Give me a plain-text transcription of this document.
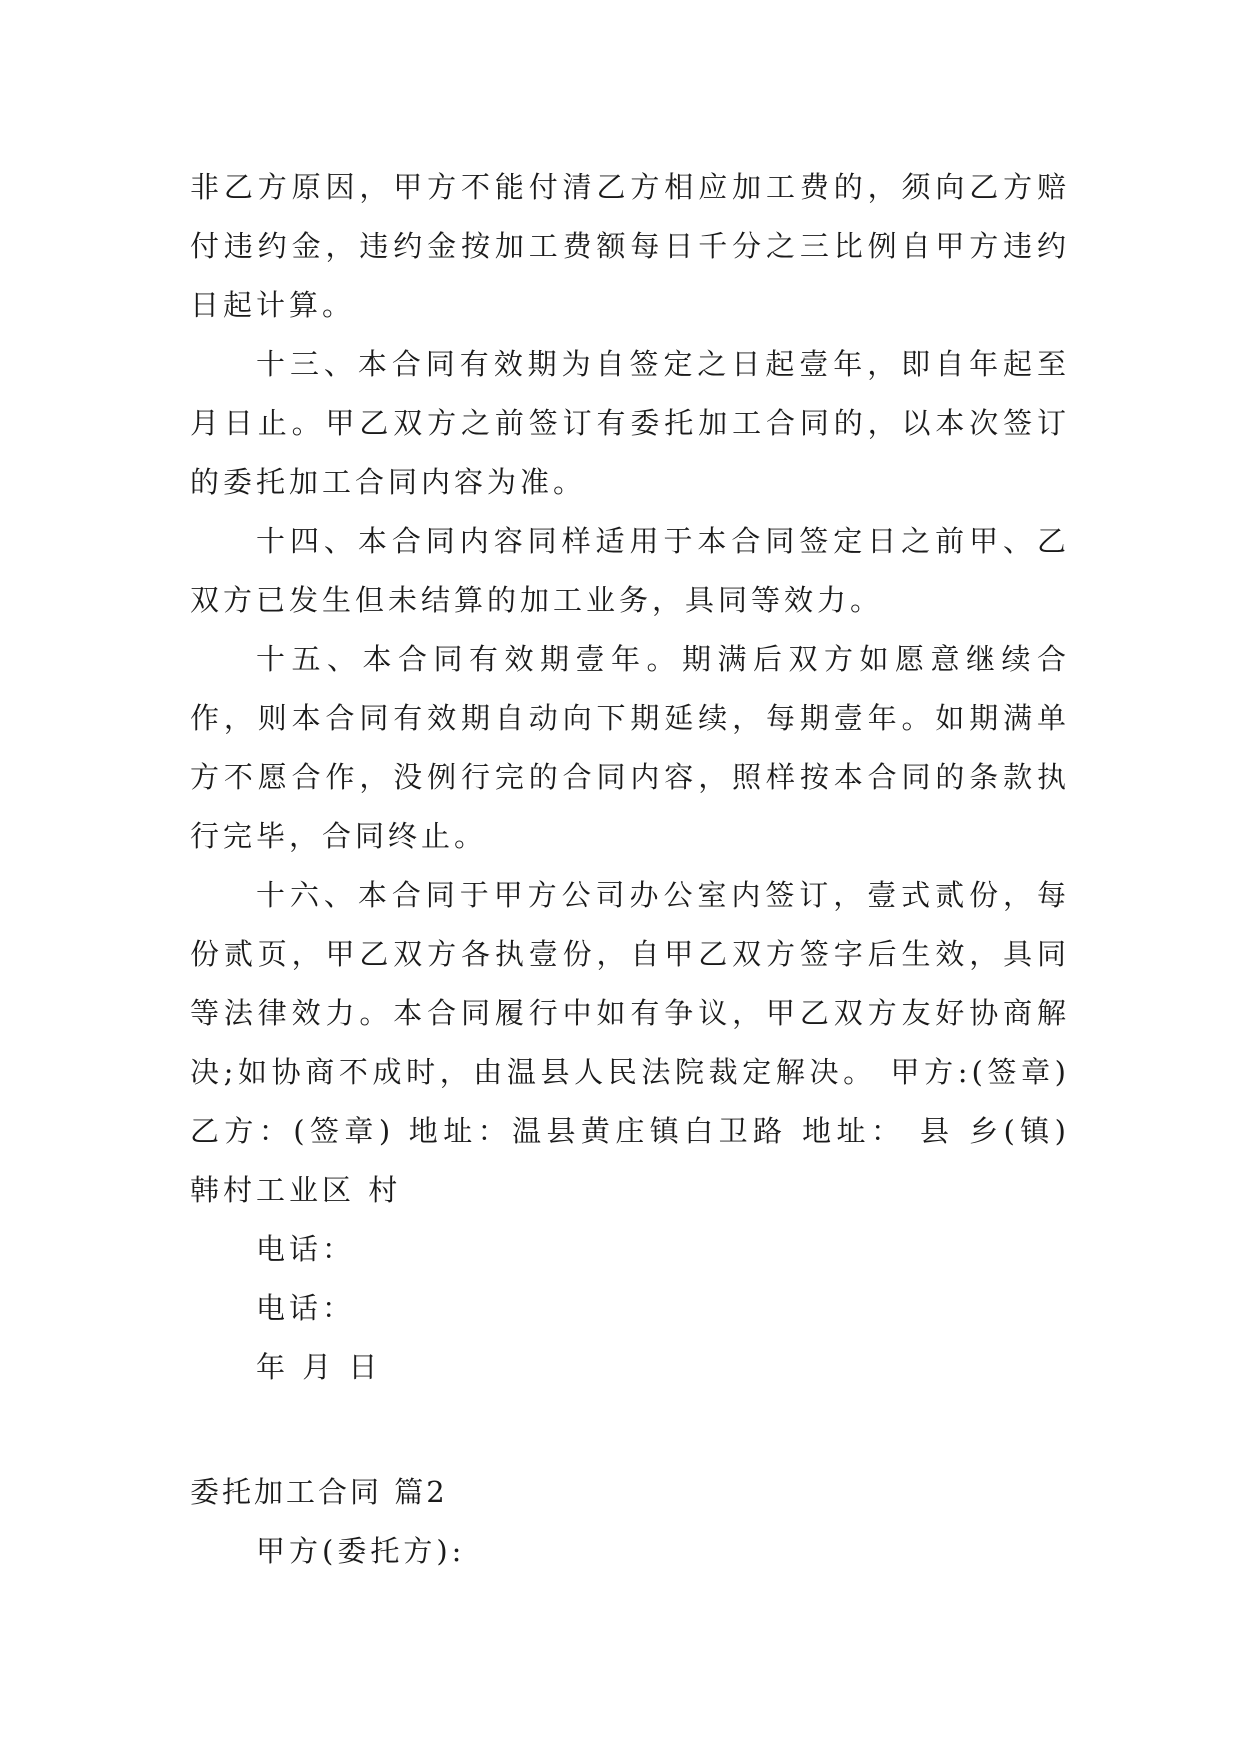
非乙方原因，甲方不能付清乙方相应加工费的，须向乙方赔付违约金，违约金按加工费额每日千分之三比例自甲方违约日起计算。

十三、本合同有效期为自签定之日起壹年，即自年起至月日止。甲乙双方之前签订有委托加工合同的，以本次签订的委托加工合同内容为准。

十四、本合同内容同样适用于本合同签定日之前甲、乙双方已发生但未结算的加工业务，具同等效力。

十五、本合同有效期壹年。期满后双方如愿意继续合作，则本合同有效期自动向下期延续，每期壹年。如期满单方不愿合作，没例行完的合同内容，照样按本合同的条款执行完毕，合同终止。

十六、本合同于甲方公司办公室内签订，壹式贰份，每份贰页，甲乙双方各执壹份，自甲乙双方签字后生效，具同等法律效力。本合同履行中如有争议，甲乙双方友好协商解决;如协商不成时，由温县人民法院裁定解决。 甲方:(签章) 乙方：(签章) 地址：温县黄庄镇白卫路 地址： 县 乡(镇) 韩村工业区 村

电话：

电话：

年 月 日

委托加工合同 篇2

甲方(委托方):
